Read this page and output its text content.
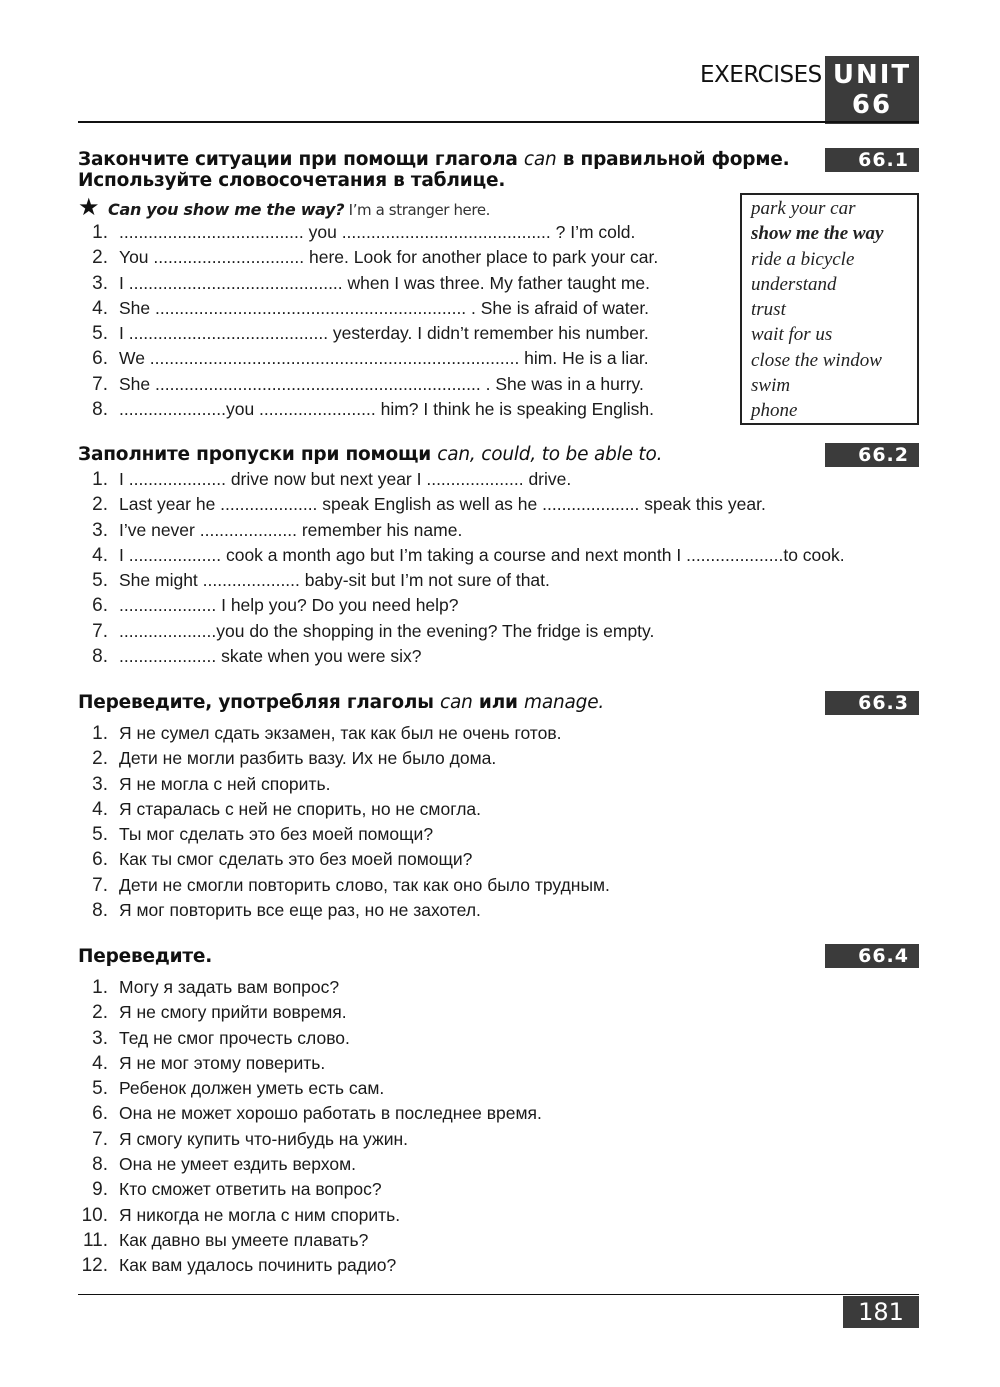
EXERCISES UNIT
66
Закончите ситуации при помощи глагола can в правильной форме.
Используйте словосочетания в таблице.
66.1
★ Can you show me the way? I’m a stranger here.
1. ...................................... you ........................................... ? I’m cold.
2. You ............................... here. Look for another place to park your car.
3. I ............................................ when I was three. My father taught me.
4. She ................................................................ . She is afraid of water.
5. I ......................................... yesterday. I didn’t remember his number.
6. We ............................................................................ him. He is a liar.
7. She ................................................................... . She was in a hurry.
8. ......................you ........................ him? I think he is speaking English.
park your car
show me the way
ride a bicycle
understand
trust
wait for us
close the window
swim
phone
Заполните пропуски при помощи can, could, to be able to.	66.2
1. I .................... drive now but next year I .................... drive.
2. Last year he .................... speak English as well as he .................... speak this year.
3. I’ve never .................... remember his name.
4. I ................... cook a month ago but I’m taking a course and next month I ....................to cook.
5. She might .................... baby-sit but I’m not sure of that.
6. .................... I help you? Do you need help?
7. ....................you do the shopping in the evening? The fridge is empty.
8. .................... skate when you were six?
Переведите, употребляя глаголы can или manage.	66.3
1. Я не сумел сдать экзамен, так как был не очень готов.
2. Дети не могли разбить вазу. Их не было дома.
3. Я не могла с ней спорить.
4. Я старалась с ней не спорить, но не смогла.
5. Ты мог сделать это без моей помощи?
6. Как ты смог сделать это без моей помощи?
7. Дети не смогли повторить слово, так как оно было трудным.
8. Я мог повторить все еще раз, но не захотел.
Переведите.	66.4
1. Могу я задать вам вопрос?
2. Я не смогу прийти вовремя.
3. Тед не смог прочесть слово.
4. Я не мог этому поверить.
5. Ребенок должен уметь есть сам.
6. Она не может хорошо работать в последнее время.
7. Я смогу купить что-нибудь на ужин.
8. Она не умеет ездить верхом.
9. Кто сможет ответить на вопрос?
10. Я никогда не могла с ним спорить.
11. Как давно вы умеете плавать?
12. Как вам удалось починить радио?
181
